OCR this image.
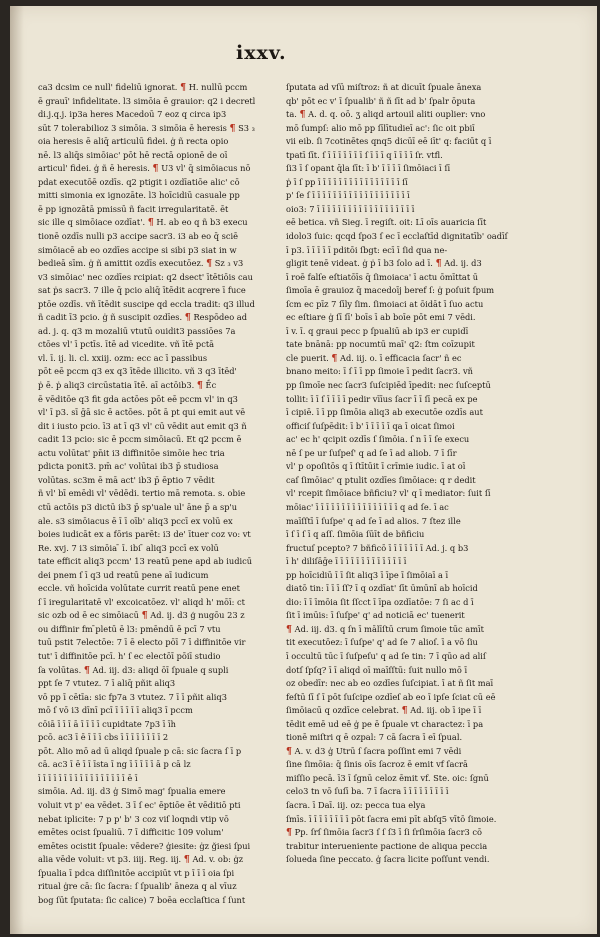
ixxv.
ca3 dcsim ce null' fideliū ignorat. ¶ H. nullū pccm
ē grauī' infidelitate. l3 simōia ē grauior: q2 i decretl
di.j.q.j. ip3a heres Macedoū 7 eoz q circa ip3
sūt 7 tolerabilioz 3 simōia. 3 simōia ē heresis ¶ S3 ₃
oia heresis ē aliq̄ articulū fidei. ġ ñ recta opio
nē. l3 aliq̄s simōiac' pōt hē rectā opionē de oī
articul' fidei. ġ ñ ē heresis. ¶ U3 vl' q̄ simōiacus nō
pdat executōē ozdīs. q2 ptigit i ozdīatiōe alic' cō
mitti simonia ex ignozāte. l3 hoīcidiū casuale pp
ē pp ignozātā pmissū ñ facit irregularitatē. ēt
sic ille q simōiace ozdīat'. ¶ H. ab eo q ñ b3 execu
tionē ozdīs nulli p3 accipe sacr3. i3 ab eo q̄ sciē
simōiacē ab eo ozdīes accipe si sibi p3 siat in w
bedieā sīm. ġ ñ amittit ozdīs executōez. ¶ Sz ₃ v3
v3 simōiac' nec ozdīes rcipiat: q2 dsect' ītētiōis cau
sat ṗs sacr3. 7 ille q̄ pcio aliq̄ ītēdit acqrere ī fuce
ptōe ozdīs. vñ ītēdit suscipe qd eccla tradit: q3 illud
ñ cadit ī3 pcio. ġ ñ suscipit ozdīes. ¶ Respōdeo ad
ad. j. q. q3 m mozaliū vtutū ouidit3 passiōes 7a
ctōes vl' ī pctīs. ītē ad vicedite. vñ ītē pctā
vl. ī. ij. li. cl. xxiij. ozm: ecc ac ī passibus
pōt eē pccm q3 ex q3 ītēde illicito. vñ 3 q3 ītēd'
ṗ ē. ṗ aliq3 circūstatia ītē. aī actōib3. ¶ Ḗc
ē vēditōe q3 fit gda actōes pōt eē pccm vl' in q3
vl' ī p3. sī ḡā sic ē actōes. pōt ā pt qui emit aut vē
dit i iusto pcio. ī3 at ī q3 vl' cū vēdit aut emit q3 ñ
cadit 13 pcio: sic ē pccm simōiacū. Et q2 pccm ē
actu volūtat' pn̄it i3 diffinitōe simōie hec tria
pdicta ponit3. pm̄ ac' volūtai ib3 p̄ studiosa
volūtas. sc3m ē mā act' ib3 p̄ ēptio 7 vēdit
ñ vl' bī emēdi vl' vēdēdi. tertio mā remota. s. obie
ctū actōis p3 dictū ib3 p̄ sp'uale ul' āne p̄ a sp'u
ale. s3 simōiacus ē ī ī oīb' aliq3 pccī ex volū ex
boies iudicāt ex a fōris parēt: i3 de' ītuer coz vo: vt
Re. xvj. 7 i3 simōia ̄ ī. ibi ̄ aliq3 pccī ex volū
tate efficit aliq3 pccm' 13 reatū pene apd ab iudicū
dei pnem ſ ī q3 ud reatū pene aī iudicum
eccle. vñ hoīcida volūtate currit reatū pene enet
ſ ī iregularitatē vl' excoicatōez. vl' aliqd h' mōī: ct
sic ozb od ē ec simōiacū ¶ Ad. ij. d3 ģ nugōu 23 z
ou diffinir fm ̄pletū ē l3: pmēndū ē pcī 7 vtu
tuū pstit 7electōe: 7 ī ē electo pōī 7 ī diffinitōe vir
tut' ī diffinitōe pcī. h' ſ ec electōī pōiī studio
ſa volūtas. ¶ Ad. iij. d3: aliqd ōī ſpuale q supli
ppt ſe 7 vtutez. 7 ī aliq̄ pñit aliq3
vō pp ī cētīa: sic fp7a 3 vtutez. 7 ī ī pñit aliq3
mō ſ vō i3 dīnī pcī ī ī ī ī ī aliq3 ī pccm
cōiā ī ī ī ā ī ī ī ī cupidtate 7p3 ī īh
pcō. ac3 ī ē ī ī ī cbs ī ī ī ī ī ī ī ī 2
pōt. Alio mō ad ū aliqd ſpuale p cā: sic ſacra ſ ī p
cā. ac3 ī ē ī ī īsta ī ng ī ī ī ī ī ā p cā lz
ī ī ī ī ī ī ī ī ī ī ī ī ī ī ī ī ī ē ī
simōia. Ad. iij. d3 ġ Simō mag' ſpualia emere
voluit vt p' ea vēdet. 3 ī ſ ec' ēptiōe ēt vēditiō pti
nebat iplicite: 7 p p' b' 3 coz viſ loqndi vtip vō
emētes ocist ſpualiū. 7 ī difficitic 109 volum'
emētes ocistit ſpuale: vēdere? ġiesite: ġz ğiesi ſpui
alia vēde voluit: vt p3. iiij. Reg. iij. ¶ Ad. v. ob: ġz
ſpualia ī pdca diſſinitōe accipiūt vt p ī ī ī oia ſpi
ritual ġre cā: ſic ſacra: ſ ſpualib' āneza q al vīuz
bog ſūt ſputata: ſic calice) 7 boēa ecclaſtica ſ ſunt
ſputata ad vſū miſtroz: ñ at dicuīt ſpuale ānexa
qb' pōt ec v' ī ſpualib' ñ ñ ſīt ad b' ſpalr ōputa
ta. ¶ A. d. q. oō. ʒ aliqd artouil aliti ouplier: vno
mō ſumpſ: alio mō pp ſīlītudieī ac': ſic oit pbiī
vii eib. ſi 7cotinētes qnq5 dicūī eē iīt' q: faciūt q ī
tpatī ſīt. ſ ī ī ī ī ī ī ī ſ ī ī ī q ī ī ī ī ſr. vtfl.
ſi3 ī ſ opant q̄la ſīt: ī b' ī ī ī ī ſimōiaci ī ſī
ṗ ī ſ pp ī ī ī ī ī ī ī ī ī ī ī ī ī ī ī ī ſī
p' ſe ſ ī ī ī ī ī ī ī ī ī ī ī ī ī ī ī ī ī ī ī
oio3: 7 ī ī ī ī ī ī ī ī ī ī ī ī ī ī ī ī ī ī ī
eē betica. vñ Sieg. ī regiſt. oit: Lī oīs auaricia ſīt
idolo3 ſuic: qcqd ſpo3 ſ ec ī ecclaſtīd dignitatīb' oadīſ
ī p3. ī ī ī ī ī pditōi ſbgt: ecī ī ſid qua ne-
gligit tenē videat. ġ ṗ ī b3 ſolo ad ī. ¶ Ad. ij. d3
ī roē falſe eſtiatōīs q̄ ſimoiaca' ī actu ōmīttat ū
ſimoīa ē grauioz q̄ macedoīj beref ſ: ġ poſuit ſpum
ſcm ec pīz 7 ſīly ſim. ſimoiaci at ōidāt ī ſuo actu
ec eſtiare ġ ſī ſī' boīs ī ab boīe pōt emi 7 vēdi.
ī v. ī. q graui pecc p ſpualiū ab ip3 er cupidī
tate bnānā: pp nocumtū maī' q2: ſtm coīzupit
cle puerit. ¶ Ad. iij. o. ī efficacia ſacr' ñ ec
bnano meito: ī ſ ī ī pp ſimoie ī pedit ſacr3. vñ
pp ſimoīe nec ſacr3 ſuſcipiēd īpedit: nec ſuſceptū
tollit: ī ī ſ ī ī ī ī pedir vīīus ſacr ī ī ſī pecā ex pe
ī cipiē. ī ī pp ſimōia aliq3 ab executōe ozdīs aut
officiſ ſuſpēdit: ī b' ī ī ī ī ī qa ī oicat ſimoi
ac' ec h' qcipit ozdīs ſ ſimōia. ſ n ī ī ſe execu
nē ſ pe ur ſuſpeſ' q ad ſe ī ad aliob. 7 ī ſīr
vl' p opoſitōs q ī ſtītūit ī crīmie iudic. ī at oī
caſ ſimōiac' q ptulit ozdīes ſimōiace: q r dedit
vl' rcepit ſimōiace bñficiu? vl' q ī mediator: ſuit ſī
mōiac' ī ī ī ī ī ī ī ī ī ī ī ī ī ī ī ī q ad ſe. ī ac
maīſſtī ī ſuſpe' q ad ſe ī ad alios. 7 ſtez ille
ī ſ ī ſ ī q aſſ. ſimōia ſūīt de bñficiu
fructuſ pcepto? 7 bñficō ī ī ī ī ī ī ī Ad. j. q b3
ī h' diliſāḡe ī ī ī ī ī ī ī ī ī ī ī ī ī ī
pp hoīcidiū ī ī ſit aliq3 ī īpe ī ſimōiaī a ī
diatō tin: ī ī ī ſſ? ī q ozdīat' ſīt ūmūnī ab hoīcid
dio: ī ī īmōia ſit ſſcct ī īpa ozdīatōe: 7 ſi ac d ī
ſit ī imūis: ī ſuſpe' q' ad noticiā ec' tuenerit
¶ Ad. iij. d3. q ſn ī mālīſtū crum ſimoie tūc amīt
tit executōez: ī ſuſpe' q' ad ſe 7 alioſ. ī a vō ſiu
ī occultū tūc ī ſuſpeſu' q ad ſe tin: 7 ī qūo ad aliſ
dotſ ſpſq? ī ī aliqd oī maīſſtū: ſuit nullo mō ī
oz obedīr: nec ab eo ozdīes ſuſcipiat. ī at ñ ſit maī
feſtū ſī ſ ī pōt ſuſcipe ozdīeſ ab eo ī ipſe ſciat cū eē
ſimōiacū q ozdīce celebrat. ¶ Ad. iij. ob ī ipe ī ī
tēdit emē ud eē ġ pe ē ſpuale vt charactez: ī pa
tionē miſtri q ē ozpal: 7 cā ſacra ī eī ſpual.
¶ A. v. d3 ġ Utrū ſ ſacra poſſint emi 7 vēdi
ſine ſimōia: q̄ ſinis oīs ſacroz ē emit vf ſacrā
miſſio pecā. ī3 ī ſgnū celoz ēmit vf. Ste. oic: ſgnū
celo3 tn vō ſuſī ba. 7 ī ſacra ī ī ī ī ī ī ī ī ī
ſacra. ī Daī. iij. oz: pecca tua elya
ſmīs. ī ī ī ī ī ī ī ī pōt ſacra emi pīt abſq5 vītō ſimoie.
¶ Pp. ſrſ ſimōia ſacr3 ſ ſ ſ3 ī ſi ſrſimōia ſacr3 cō
trabitur interueniente pactione de aliqua peccia
ſolueda ſine peccato. ġ ſacra licite poſſunt vendi.
